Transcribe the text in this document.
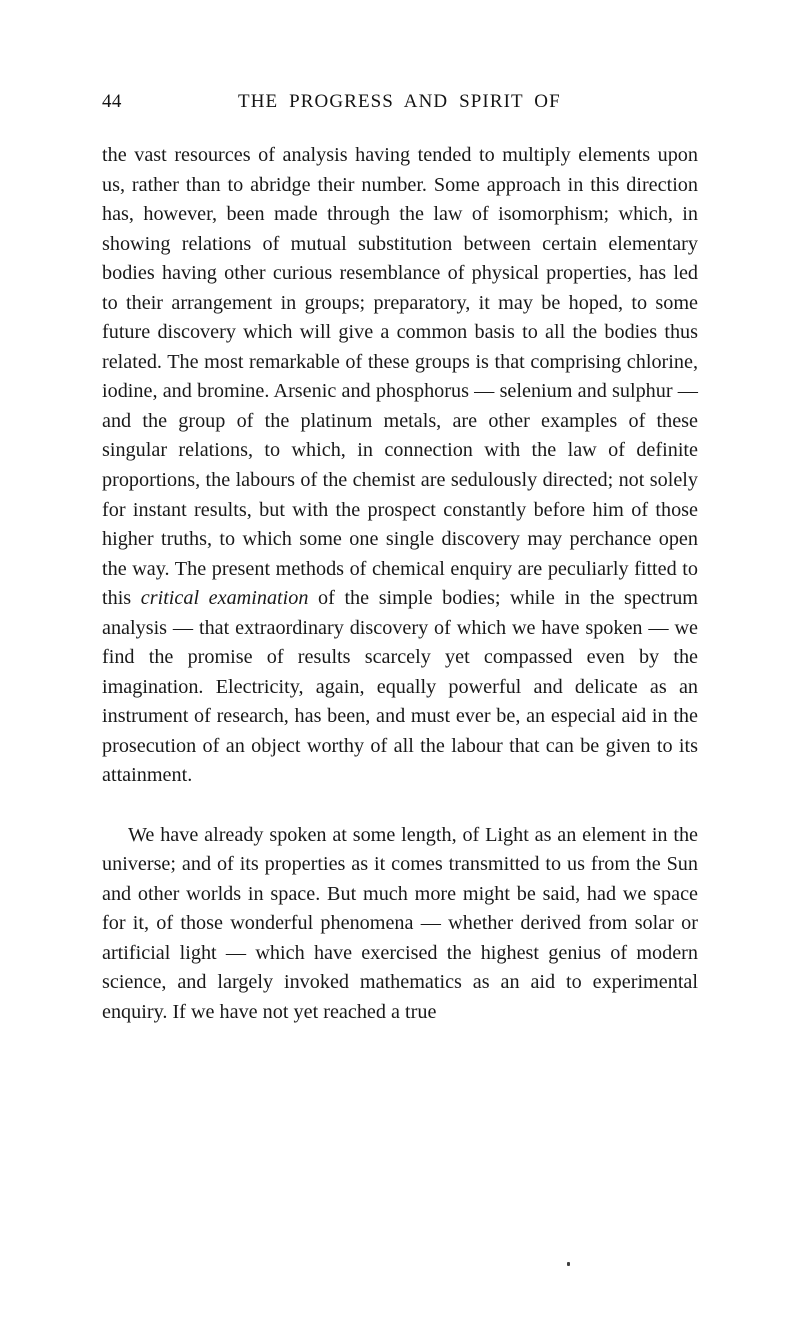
44	THE PROGRESS AND SPIRIT OF

the vast resources of analysis having tended to multiply elements upon us, rather than to abridge their number. Some approach in this direction has, however, been made through the law of isomorphism; which, in showing relations of mutual substitution between certain elementary bodies having other curious resemblance of physical properties, has led to their arrangement in groups; preparatory, it may be hoped, to some future discovery which will give a common basis to all the bodies thus related. The most remarkable of these groups is that comprising chlorine, iodine, and bromine. Arsenic and phosphorus — selenium and sulphur — and the group of the platinum metals, are other examples of these singular relations, to which, in connection with the law of definite proportions, the labours of the chemist are sedulously directed; not solely for instant results, but with the prospect constantly before him of those higher truths, to which some one single discovery may perchance open the way. The present methods of chemical enquiry are peculiarly fitted to this critical examination of the simple bodies; while in the spectrum analysis — that extraordinary discovery of which we have spoken — we find the promise of results scarcely yet compassed even by the imagination. Electricity, again, equally powerful and delicate as an instrument of research, has been, and must ever be, an especial aid in the prosecution of an object worthy of all the labour that can be given to its attainment.

We have already spoken at some length, of Light as an element in the universe; and of its properties as it comes transmitted to us from the Sun and other worlds in space. But much more might be said, had we space for it, of those wonderful phenomena — whether derived from solar or artificial light — which have exercised the highest genius of modern science, and largely invoked mathematics as an aid to experimental enquiry. If we have not yet reached a true
